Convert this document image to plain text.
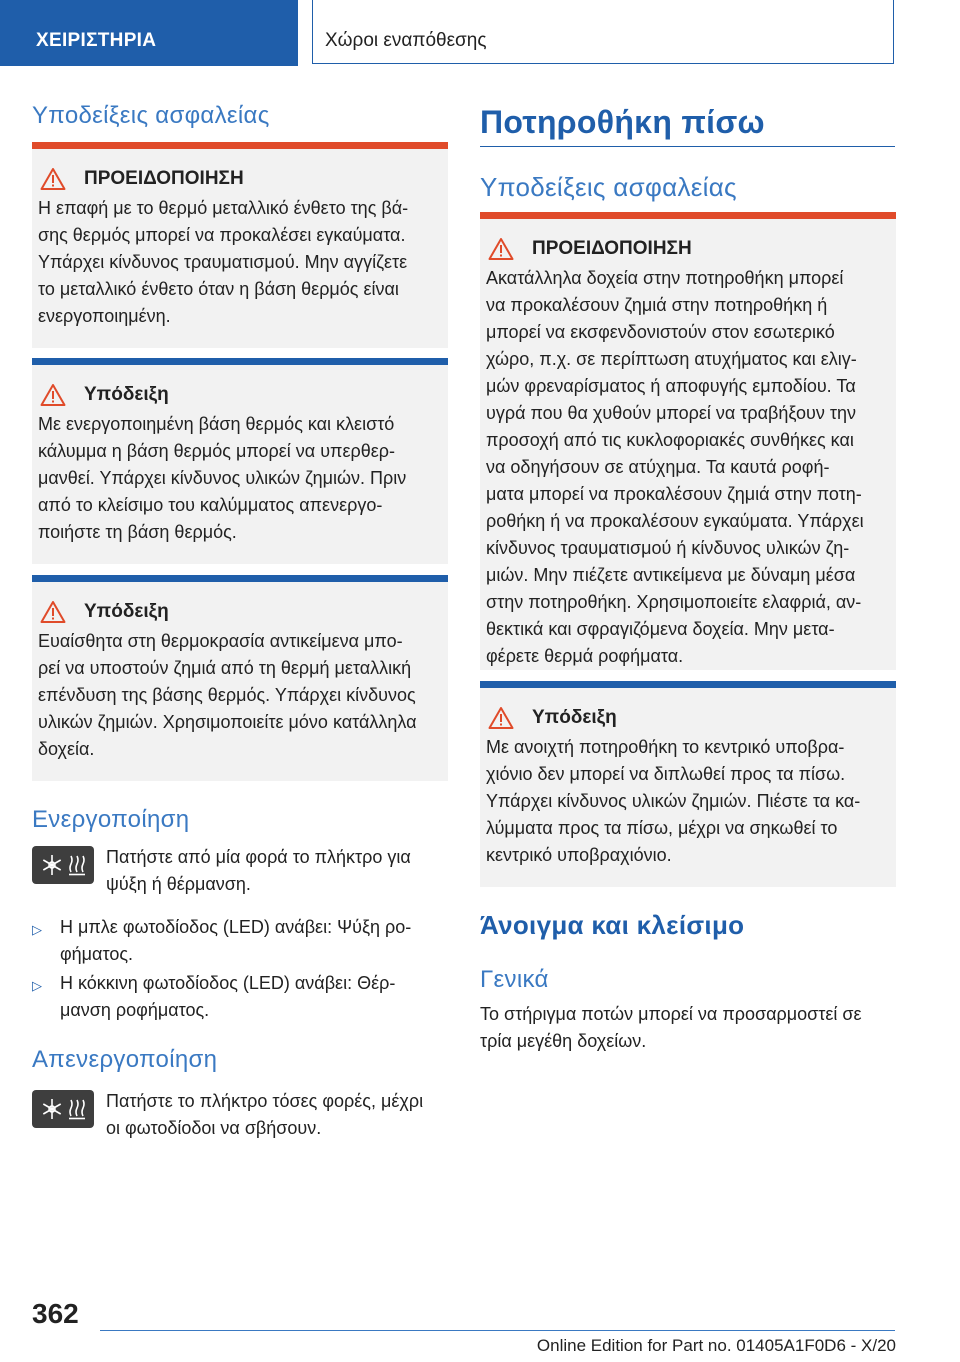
ΧΕΙΡΙΣΤΗΡΙΑ	Χώροι εναπόθεσης
Υποδείξεις ασφαλείας
ΠΡΟΕΙΔΟΠΟΙΗΣΗ
Η επαφή με το θερμό μεταλλικό ένθετο της βά-
σης θερμός μπορεί να προκαλέσει εγκαύματα.
Υπάρχει κίνδυνος τραυματισμού. Μην αγγίζετε
το μεταλλικό ένθετο όταν η βάση θερμός είναι
ενεργοποιημένη.
Υπόδειξη
Με ενεργοποιημένη βάση θερμός και κλειστό
κάλυμμα η βάση θερμός μπορεί να υπερθερ-
μανθεί. Υπάρχει κίνδυνος υλικών ζημιών. Πριν
από το κλείσιμο του καλύμματος απενεργο-
ποιήστε τη βάση θερμός.
Υπόδειξη
Ευαίσθητα στη θερμοκρασία αντικείμενα μπο-
ρεί να υποστούν ζημιά από τη θερμή μεταλλική
επένδυση της βάσης θερμός. Υπάρχει κίνδυνος
υλικών ζημιών. Χρησιμοποιείτε μόνο κατάλληλα
δοχεία.
Ενεργοποίηση
Πατήστε από μία φορά το πλήκτρο για
ψύξη ή θέρμανση.
▷	Η μπλε φωτοδίοδος (LED) ανάβει: Ψύξη ρο-
φήματος.
▷	Η κόκκινη φωτοδίοδος (LED) ανάβει: Θέρ-
μανση ροφήματος.
Απενεργοποίηση
Πατήστε το πλήκτρο τόσες φορές, μέχρι
οι φωτοδίοδοι να σβήσουν.
Ποτηροθήκη πίσω
Υποδείξεις ασφαλείας
ΠΡΟΕΙΔΟΠΟΙΗΣΗ
Ακατάλληλα δοχεία στην ποτηροθήκη μπορεί
να προκαλέσουν ζημιά στην ποτηροθήκη ή
μπορεί να εκσφενδονιστούν στον εσωτερικό
χώρο, π.χ. σε περίπτωση ατυχήματος και ελιγ-
μών φρεναρίσματος ή αποφυγής εμποδίου. Τα
υγρά που θα χυθούν μπορεί να τραβήξουν την
προσοχή από τις κυκλοφοριακές συνθήκες και
να οδηγήσουν σε ατύχημα. Τα καυτά ροφή-
ματα μπορεί να προκαλέσουν ζημιά στην ποτη-
ροθήκη ή να προκαλέσουν εγκαύματα. Υπάρχει
κίνδυνος τραυματισμού ή κίνδυνος υλικών ζη-
μιών. Μην πιέζετε αντικείμενα με δύναμη μέσα
στην ποτηροθήκη. Χρησιμοποιείτε ελαφριά, αν-
θεκτικά και σφραγιζόμενα δοχεία. Μην μετα-
φέρετε θερμά ροφήματα.
Υπόδειξη
Με ανοιχτή ποτηροθήκη το κεντρικό υποβρα-
χιόνιο δεν μπορεί να διπλωθεί προς τα πίσω.
Υπάρχει κίνδυνος υλικών ζημιών. Πιέστε τα κα-
λύμματα προς τα πίσω, μέχρι να σηκωθεί το
κεντρικό υποβραχιόνιο.
Άνοιγμα και κλείσιμο
Γενικά
Το στήριγμα ποτών μπορεί να προσαρμοστεί σε
τρία μεγέθη δοχείων.
362
Online Edition for Part no. 01405A1F0D6 - X/20
